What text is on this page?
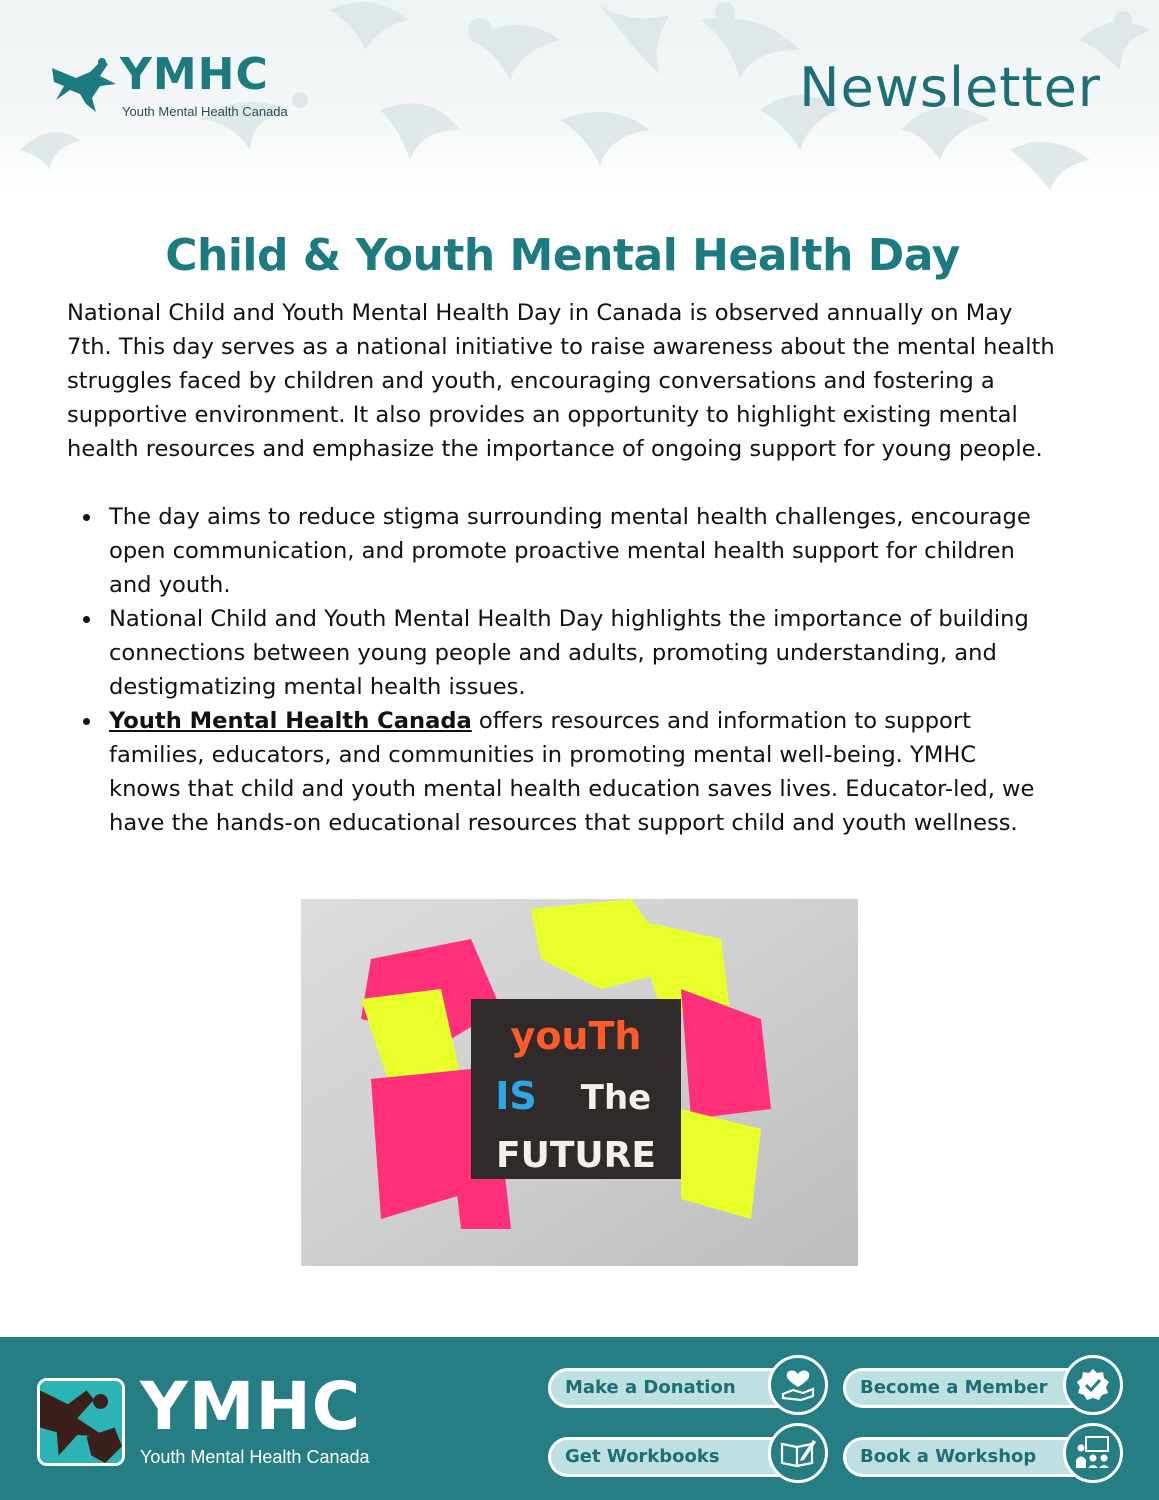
YMHC
Youth Mental Health Canada	Newsletter
Child & Youth Mental Health Day

National Child and Youth Mental Health Day in Canada is observed annually on May 7th. This day serves as a national initiative to raise awareness about the mental health struggles faced by children and youth, encouraging conversations and fostering a supportive environment. It also provides an opportunity to highlight existing mental health resources and emphasize the importance of ongoing support for young people.

The day aims to reduce stigma surrounding mental health challenges, encourage open communication, and promote proactive mental health support for children and youth.
National Child and Youth Mental Health Day highlights the importance of building connections between young people and adults, promoting understanding, and destigmatizing mental health issues.
Youth Mental Health Canada offers resources and information to support families, educators, and communities in promoting mental well-being. YMHC knows that child and youth mental health education saves lives. Educator-led, we have the hands-on educational resources that support child and youth wellness.
youTh
IS The
FUTURE
YMHC
Youth Mental Health Canada
Make a Donation	Become a Member
Get Workbooks	Book a Workshop
